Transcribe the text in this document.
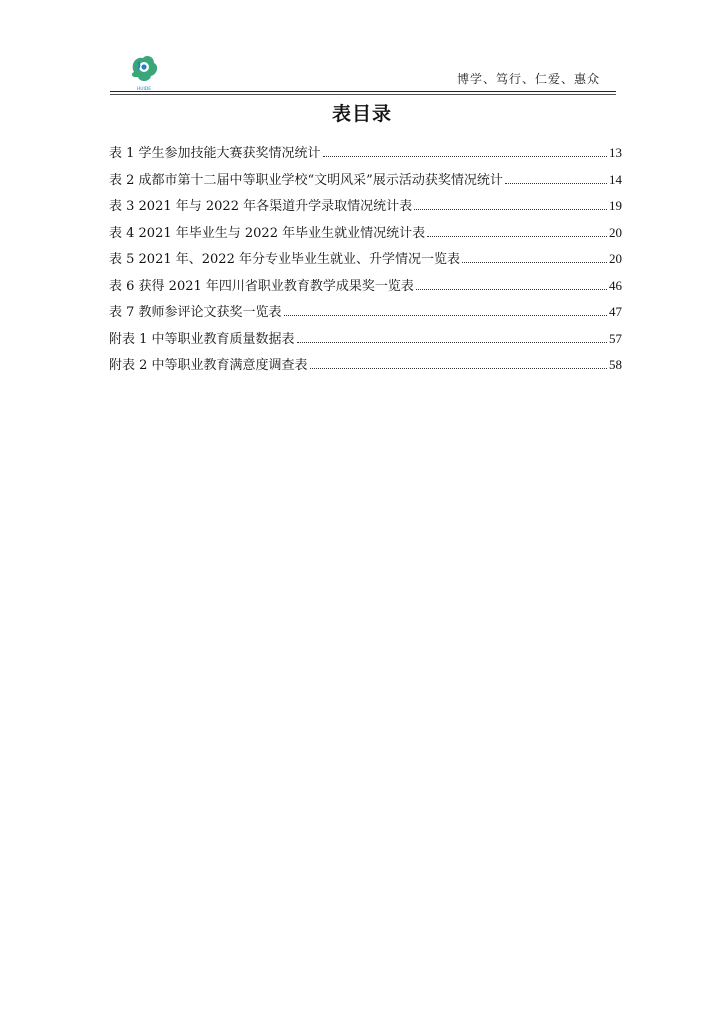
HUIDE
博学、笃行、仁爱、惠众
表目录
表 1 学生参加技能大赛获奖情况统计	13
表 2 成都市第十二届中等职业学校“文明风采”展示活动获奖情况统计	14
表 3 2021 年与 2022 年各渠道升学录取情况统计表	19
表 4 2021 年毕业生与 2022 年毕业生就业情况统计表	20
表 5 2021 年、2022 年分专业毕业生就业、升学情况一览表	20
表 6 获得 2021 年四川省职业教育教学成果奖一览表	46
表 7 教师参评论文获奖一览表	47
附表 1 中等职业教育质量数据表	57
附表 2 中等职业教育满意度调查表	58
